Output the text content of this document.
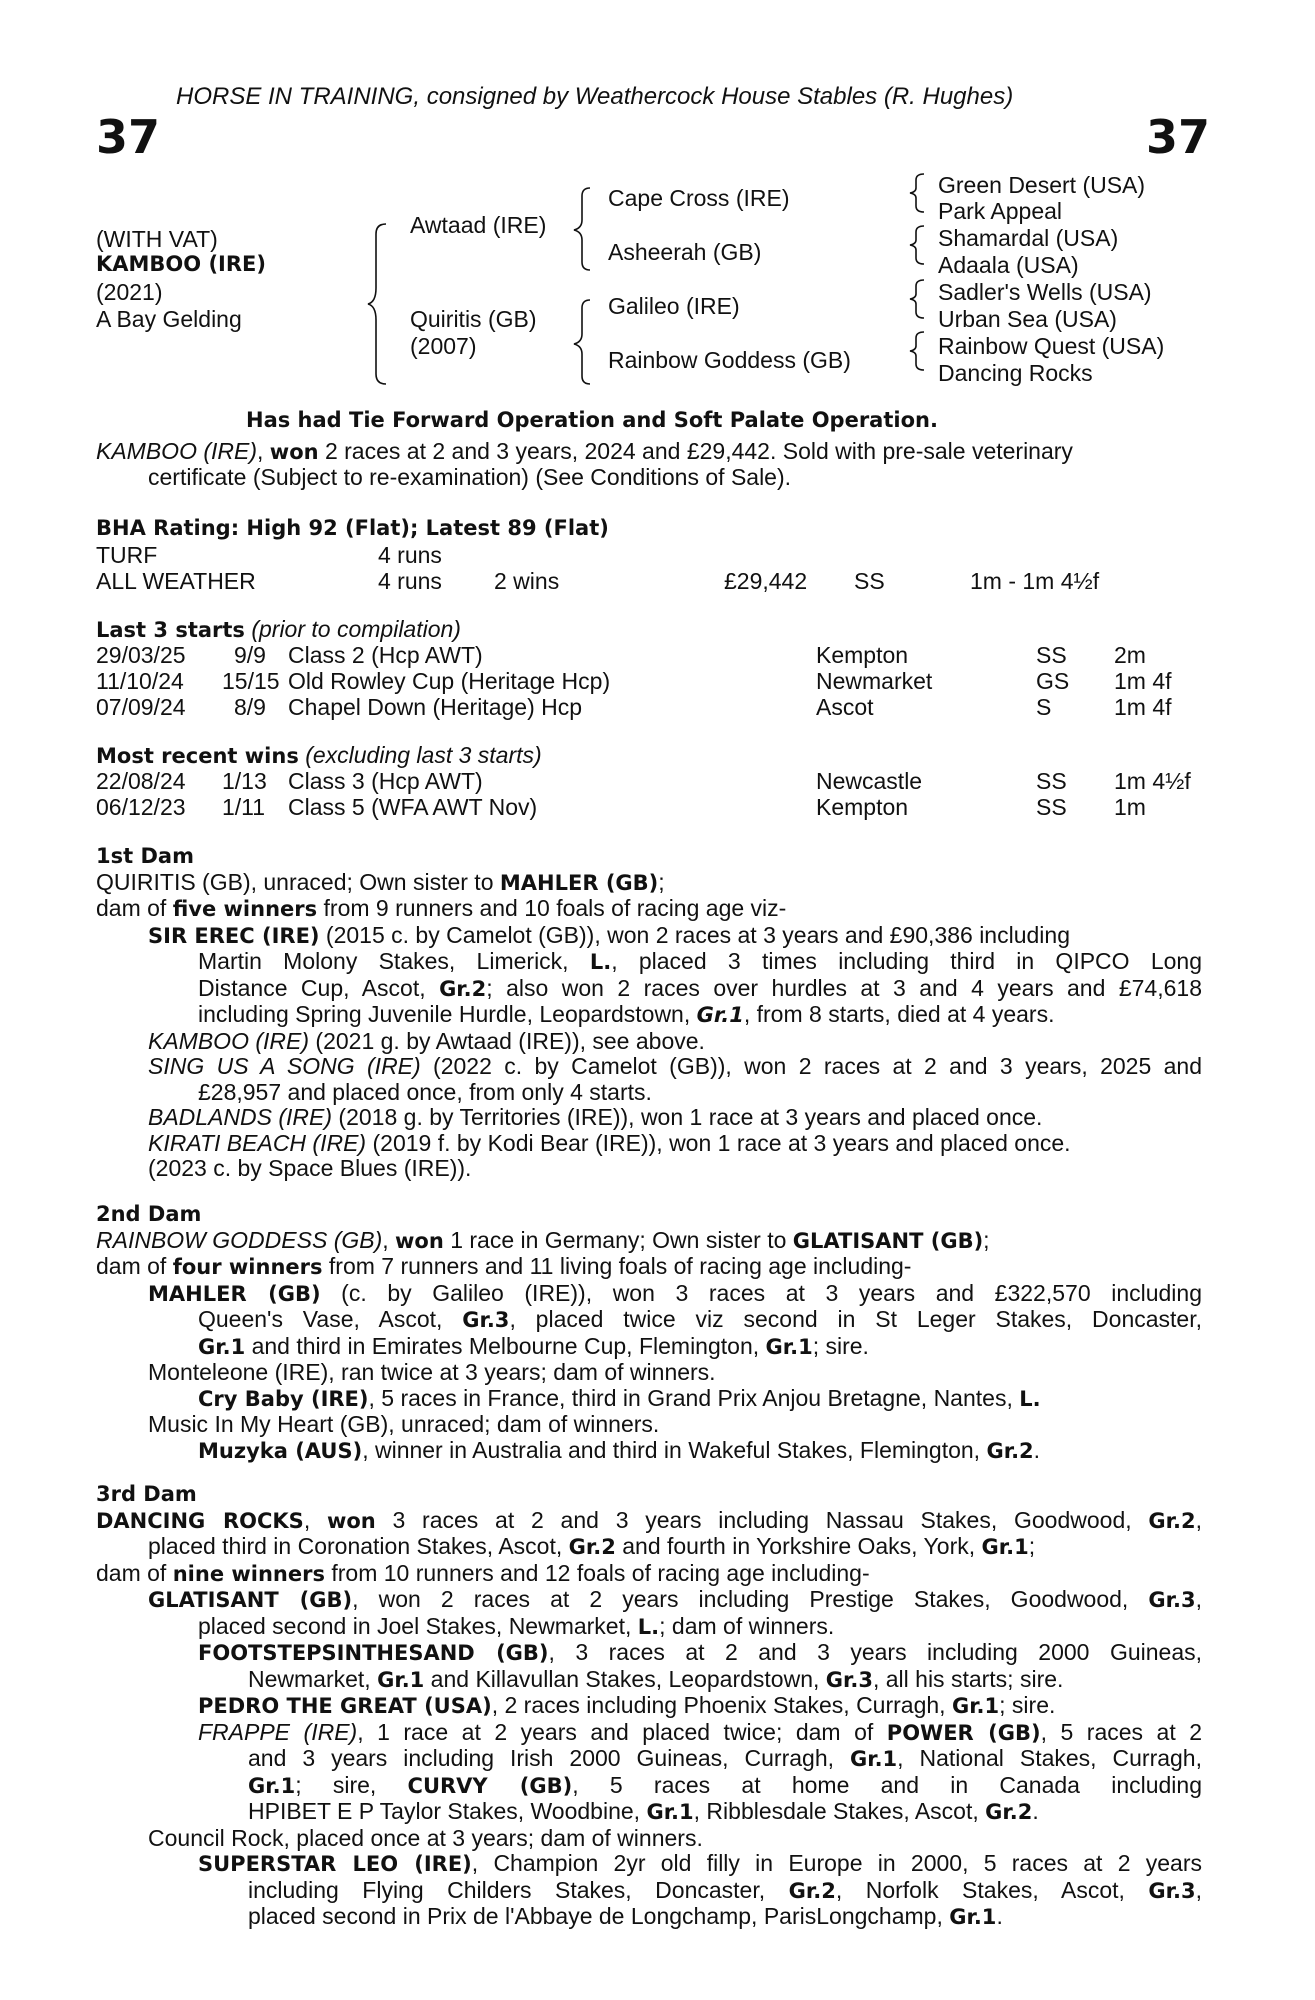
HORSE IN TRAINING, consigned by Weathercock House Stables (R. Hughes)
37	37
(WITH VAT)
KAMBOO (IRE)
(2021)
A Bay Gelding
Awtaad (IRE)
Quiritis (GB)
(2007)
Cape Cross (IRE)
Asheerah (GB)
Galileo (IRE)
Rainbow Goddess (GB)
Green Desert (USA)
Park Appeal
Shamardal (USA)
Adaala (USA)
Sadler's Wells (USA)
Urban Sea (USA)
Rainbow Quest (USA)
Dancing Rocks
Has had Tie Forward Operation and Soft Palate Operation.
KAMBOO (IRE), won 2 races at 2 and 3 years, 2024 and £29,442. Sold with pre-sale veterinary
certificate (Subject to re-examination) (See Conditions of Sale).
BHA Rating: High 92 (Flat); Latest 89 (Flat)
TURF	4 runs
ALL WEATHER	4 runs 2 wins	£29,442 SS	1m - 1m 4½f
Last 3 starts (prior to compilation)
29/03/25 9/9 Class 2 (Hcp AWT)	Kempton	SS 2m
11/10/24 15/15 Old Rowley Cup (Heritage Hcp)	Newmarket	GS 1m 4f
07/09/24 8/9 Chapel Down (Heritage) Hcp	Ascot	S	1m 4f
Most recent wins (excluding last 3 starts)
22/08/24 1/13 Class 3 (Hcp AWT)	Newcastle	SS 1m 4½f
06/12/23 1/11 Class 5 (WFA AWT Nov)	Kempton	SS 1m
1st Dam
QUIRITIS (GB), unraced; Own sister to MAHLER (GB);
dam of five winners from 9 runners and 10 foals of racing age viz-
SIR EREC (IRE) (2015 c. by Camelot (GB)), won 2 races at 3 years and £90,386 including
Martin Molony Stakes, Limerick, L., placed 3 times including third in QIPCO Long
Distance Cup, Ascot, Gr.2; also won 2 races over hurdles at 3 and 4 years and £74,618
including Spring Juvenile Hurdle, Leopardstown, Gr.1, from 8 starts, died at 4 years.
KAMBOO (IRE) (2021 g. by Awtaad (IRE)), see above.
SING US A SONG (IRE) (2022 c. by Camelot (GB)), won 2 races at 2 and 3 years, 2025 and
£28,957 and placed once, from only 4 starts.
BADLANDS (IRE) (2018 g. by Territories (IRE)), won 1 race at 3 years and placed once.
KIRATI BEACH (IRE) (2019 f. by Kodi Bear (IRE)), won 1 race at 3 years and placed once.
(2023 c. by Space Blues (IRE)).
2nd Dam
RAINBOW GODDESS (GB), won 1 race in Germany; Own sister to GLATISANT (GB);
dam of four winners from 7 runners and 11 living foals of racing age including-
MAHLER (GB) (c. by Galileo (IRE)), won 3 races at 3 years and £322,570 including
Queen's Vase, Ascot, Gr.3, placed twice viz second in St Leger Stakes, Doncaster,
Gr.1 and third in Emirates Melbourne Cup, Flemington, Gr.1; sire.
Monteleone (IRE), ran twice at 3 years; dam of winners.
Cry Baby (IRE), 5 races in France, third in Grand Prix Anjou Bretagne, Nantes, L.
Music In My Heart (GB), unraced; dam of winners.
Muzyka (AUS), winner in Australia and third in Wakeful Stakes, Flemington, Gr.2.
3rd Dam
DANCING ROCKS, won 3 races at 2 and 3 years including Nassau Stakes, Goodwood, Gr.2,
placed third in Coronation Stakes, Ascot, Gr.2 and fourth in Yorkshire Oaks, York, Gr.1;
dam of nine winners from 10 runners and 12 foals of racing age including-
GLATISANT (GB), won 2 races at 2 years including Prestige Stakes, Goodwood, Gr.3,
placed second in Joel Stakes, Newmarket, L.; dam of winners.
FOOTSTEPSINTHESAND (GB), 3 races at 2 and 3 years including 2000 Guineas,
Newmarket, Gr.1 and Killavullan Stakes, Leopardstown, Gr.3, all his starts; sire.
PEDRO THE GREAT (USA), 2 races including Phoenix Stakes, Curragh, Gr.1; sire.
FRAPPE (IRE), 1 race at 2 years and placed twice; dam of POWER (GB), 5 races at 2
and 3 years including Irish 2000 Guineas, Curragh, Gr.1, National Stakes, Curragh,
Gr.1; sire, CURVY (GB), 5 races at home and in Canada including
HPIBET E P Taylor Stakes, Woodbine, Gr.1, Ribblesdale Stakes, Ascot, Gr.2.
Council Rock, placed once at 3 years; dam of winners.
SUPERSTAR LEO (IRE), Champion 2yr old filly in Europe in 2000, 5 races at 2 years
including Flying Childers Stakes, Doncaster, Gr.2, Norfolk Stakes, Ascot, Gr.3,
placed second in Prix de l'Abbaye de Longchamp, ParisLongchamp, Gr.1.
